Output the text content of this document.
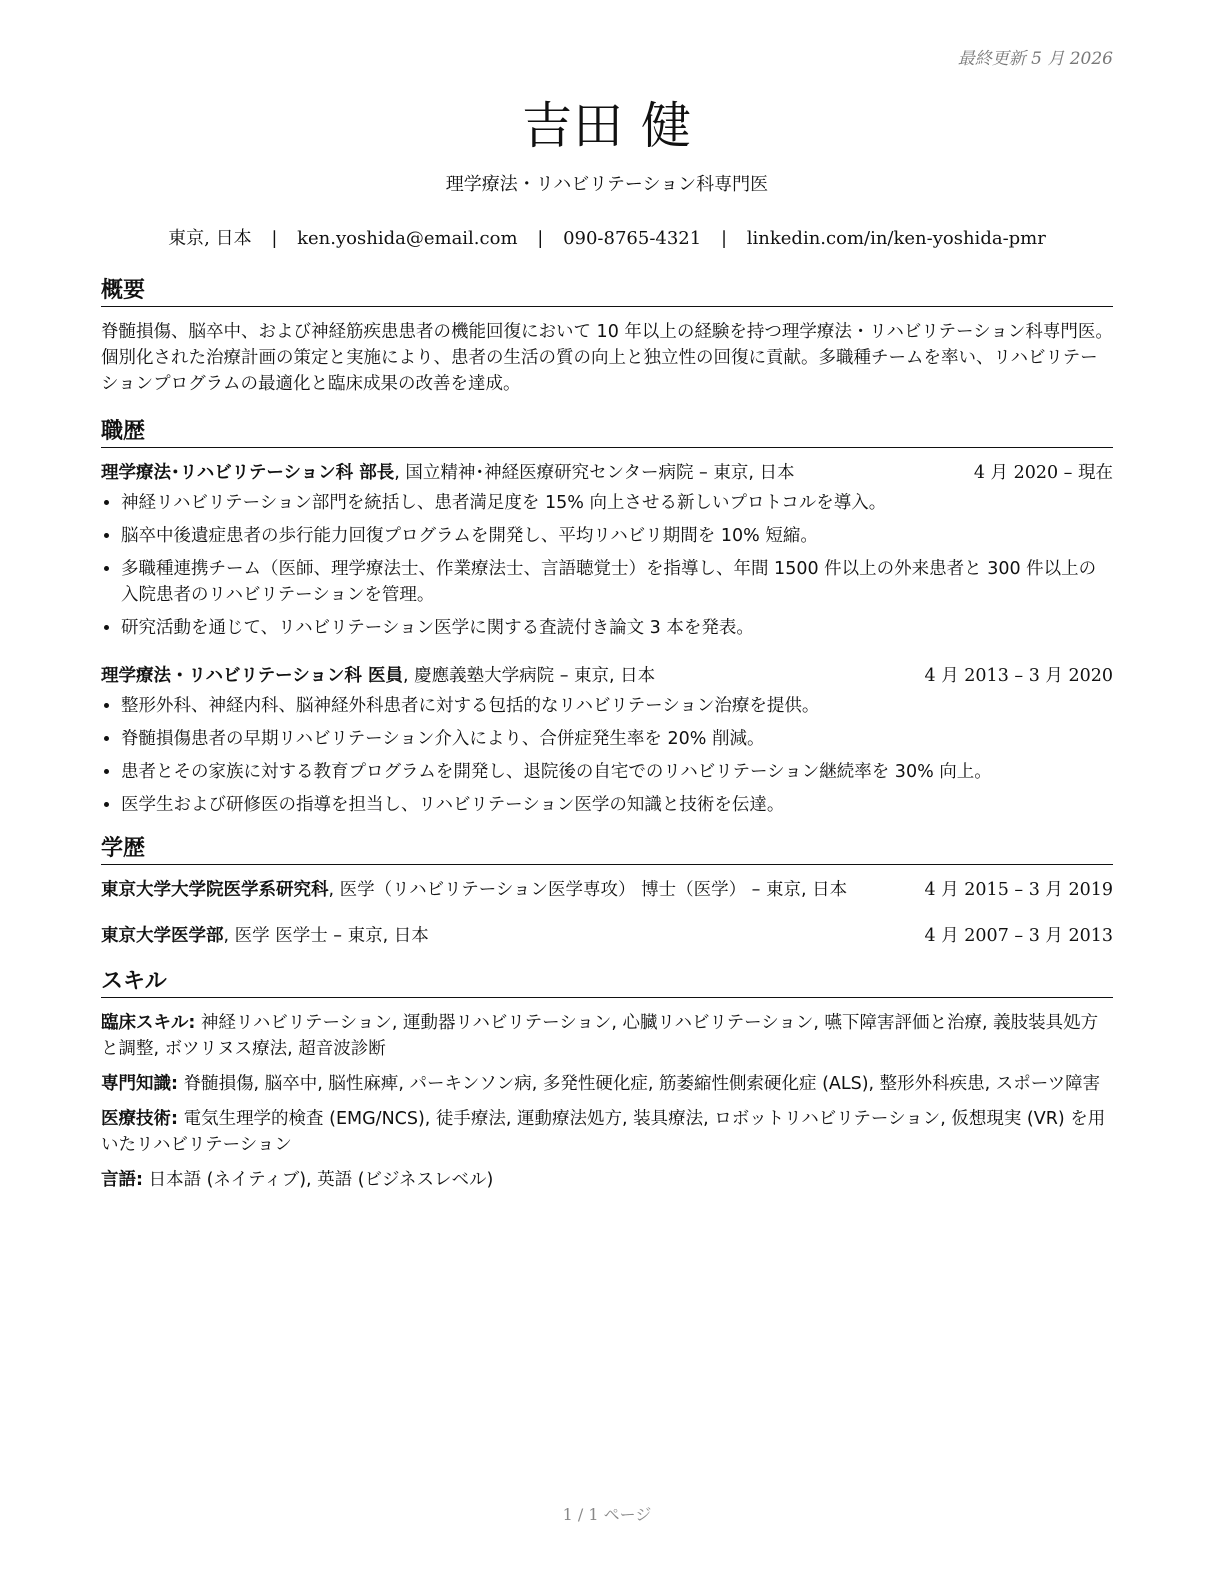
最終更新 5 月 2026
吉田 健
理学療法・リハビリテーション科専門医
東京, 日本 | ken.yoshida@email.com | 090-8765-4321 | linkedin.com/in/ken-yoshida-pmr
概要
脊髄損傷、脳卒中、および神経筋疾患患者の機能回復において 10 年以上の経験を持つ理学療法・リハビリテーション科専門医。個別化された治療計画の策定と実施により、患者の生活の質の向上と独立性の回復に貢献。多職種チームを率い、リハビリテーションプログラムの最適化と臨床成果の改善を達成。
職歴
理学療法･リハビリテーション科 部長, 国立精神･神経医療研究センター病院 – 東京, 日本	4 月 2020 – 現在
• 神経リハビリテーション部門を統括し、患者満足度を 15% 向上させる新しいプロトコルを導入。
• 脳卒中後遺症患者の歩行能力回復プログラムを開発し、平均リハビリ期間を 10% 短縮。
• 多職種連携チーム（医師、理学療法士、作業療法士、言語聴覚士）を指導し、年間 1500 件以上の外来患者と 300 件以上の入院患者のリハビリテーションを管理。
• 研究活動を通じて、リハビリテーション医学に関する査読付き論文 3 本を発表。
理学療法・リハビリテーション科 医員, 慶應義塾大学病院 – 東京, 日本	4 月 2013 – 3 月 2020
• 整形外科、神経内科、脳神経外科患者に対する包括的なリハビリテーション治療を提供。
• 脊髄損傷患者の早期リハビリテーション介入により、合併症発生率を 20% 削減。
• 患者とその家族に対する教育プログラムを開発し、退院後の自宅でのリハビリテーション継続率を 30% 向上。
• 医学生および研修医の指導を担当し、リハビリテーション医学の知識と技術を伝達。
学歴
東京大学大学院医学系研究科, 医学（リハビリテーション医学専攻） 博士（医学） – 東京, 日本	4 月 2015 – 3 月 2019
東京大学医学部, 医学 医学士 – 東京, 日本	4 月 2007 – 3 月 2013
スキル
臨床スキル: 神経リハビリテーション, 運動器リハビリテーション, 心臓リハビリテーション, 嚥下障害評価と治療, 義肢装具処方と調整, ボツリヌス療法, 超音波診断
専門知識: 脊髄損傷, 脳卒中, 脳性麻痺, パーキンソン病, 多発性硬化症, 筋萎縮性側索硬化症 (ALS), 整形外科疾患, スポーツ障害
医療技術: 電気生理学的検査 (EMG/NCS), 徒手療法, 運動療法処方, 装具療法, ロボットリハビリテーション, 仮想現実 (VR) を用いたリハビリテーション
言語: 日本語 (ネイティブ), 英語 (ビジネスレベル)
1 / 1 ページ
